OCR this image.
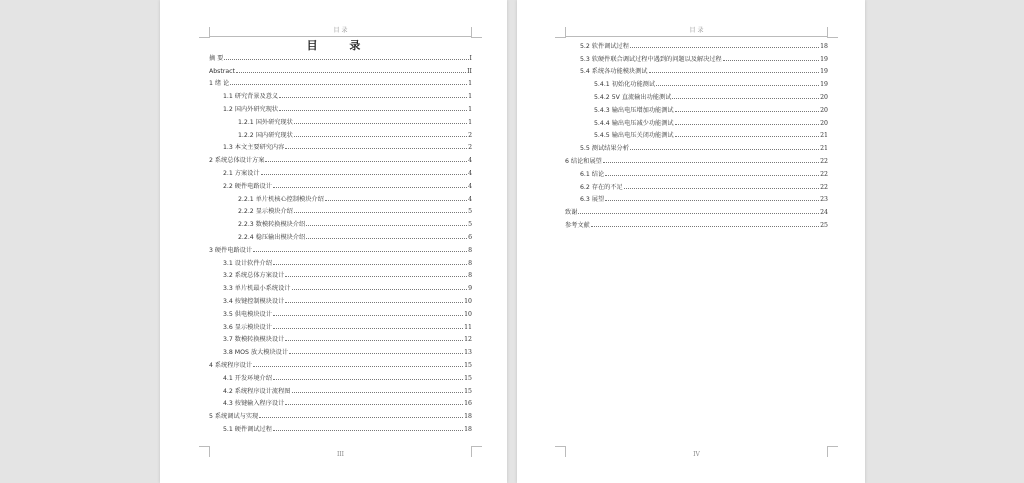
目 录
目 录
摘 要	I
Abstract	II
1 绪 论	1
1.1 研究背景及意义	1
1.2 国内外研究现状	1
1.2.1 国外研究现状	1
1.2.2 国内研究现状	2
1.3 本文主要研究内容	2
2 系统总体设计方案	4
2.1 方案设计	4
2.2 硬件电路设计	4
2.2.1 单片机核心控制模块介绍	4
2.2.2 显示模块介绍	5
2.2.3 数模转换模块介绍	5
2.2.4 稳压输出模块介绍	6
3 硬件电路设计	8
3.1 设计软件介绍	8
3.2 系统总体方案设计	8
3.3 单片机最小系统设计	9
3.4 按键控制模块设计	10
3.5 供电模块设计	10
3.6 显示模块设计	11
3.7 数模转换模块设计	12
3.8 MOS 放大模块设计	13
4 系统程序设计	15
4.1 开发环境介绍	15
4.2 系统程序设计流程图	15
4.3 按键输入程序设计	16
5 系统调试与实现	18
5.1 硬件调试过程	18
III
目 录
5.2 软件调试过程	18
5.3 软硬件联合调试过程中遇到的问题以及解决过程	19
5.4 系统各功能模块测试	19
5.4.1 初始化功能测试	19
5.4.2 5V 直流输出功能测试	20
5.4.3 输出电压增加功能测试	20
5.4.4 输出电压减少功能测试	20
5.4.5 输出电压关闭功能测试	21
5.5 测试结果分析	21
6 结论和展望	22
6.1 结论	22
6.2 存在的不足	22
6.3 展望	23
致谢	24
参考文献	25
IV
